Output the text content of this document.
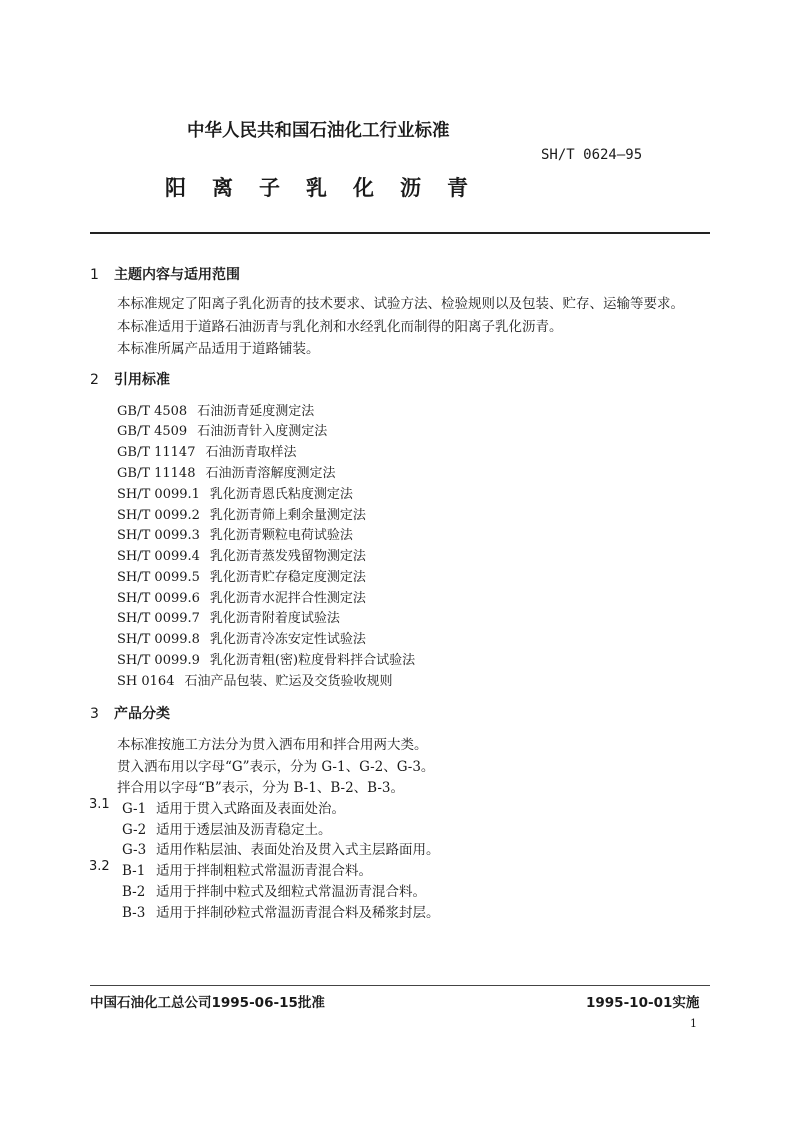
中华人民共和国石油化工行业标准
SH/T 0624—95
阳离子乳化沥青
1 主题内容与适用范围
本标准规定了阳离子乳化沥青的技术要求、试验方法、检验规则以及包装、贮存、运输等要求。
本标准适用于道路石油沥青与乳化剂和水经乳化而制得的阳离子乳化沥青。
本标准所属产品适用于道路铺装。
2 引用标准
GB/T 4508 石油沥青延度测定法
GB/T 4509 石油沥青针入度测定法
GB/T 11147 石油沥青取样法
GB/T 11148 石油沥青溶解度测定法
SH/T 0099.1 乳化沥青恩氏粘度测定法
SH/T 0099.2 乳化沥青筛上剩余量测定法
SH/T 0099.3 乳化沥青颗粒电荷试验法
SH/T 0099.4 乳化沥青蒸发残留物测定法
SH/T 0099.5 乳化沥青贮存稳定度测定法
SH/T 0099.6 乳化沥青水泥拌合性测定法
SH/T 0099.7 乳化沥青附着度试验法
SH/T 0099.8 乳化沥青冷冻安定性试验法
SH/T 0099.9 乳化沥青粗(密)粒度骨料拌合试验法
SH 0164 石油产品包装、贮运及交货验收规则
3 产品分类
本标准按施工方法分为贯入洒布用和拌合用两大类。
贯入洒布用以字母“G”表示，分为 G-1、G-2、G-3。
拌合用以字母“B”表示，分为 B-1、B-2、B-3。
3.1 G-1 适用于贯入式路面及表面处治。
G-2 适用于透层油及沥青稳定土。
G-3 适用作粘层油、表面处治及贯入式主层路面用。
3.2 B-1 适用于拌制粗粒式常温沥青混合料。
B-2 适用于拌制中粒式及细粒式常温沥青混合料。
B-3 适用于拌制砂粒式常温沥青混合料及稀浆封层。
中国石油化工总公司1995-06-15批准	1995-10-01实施
1
